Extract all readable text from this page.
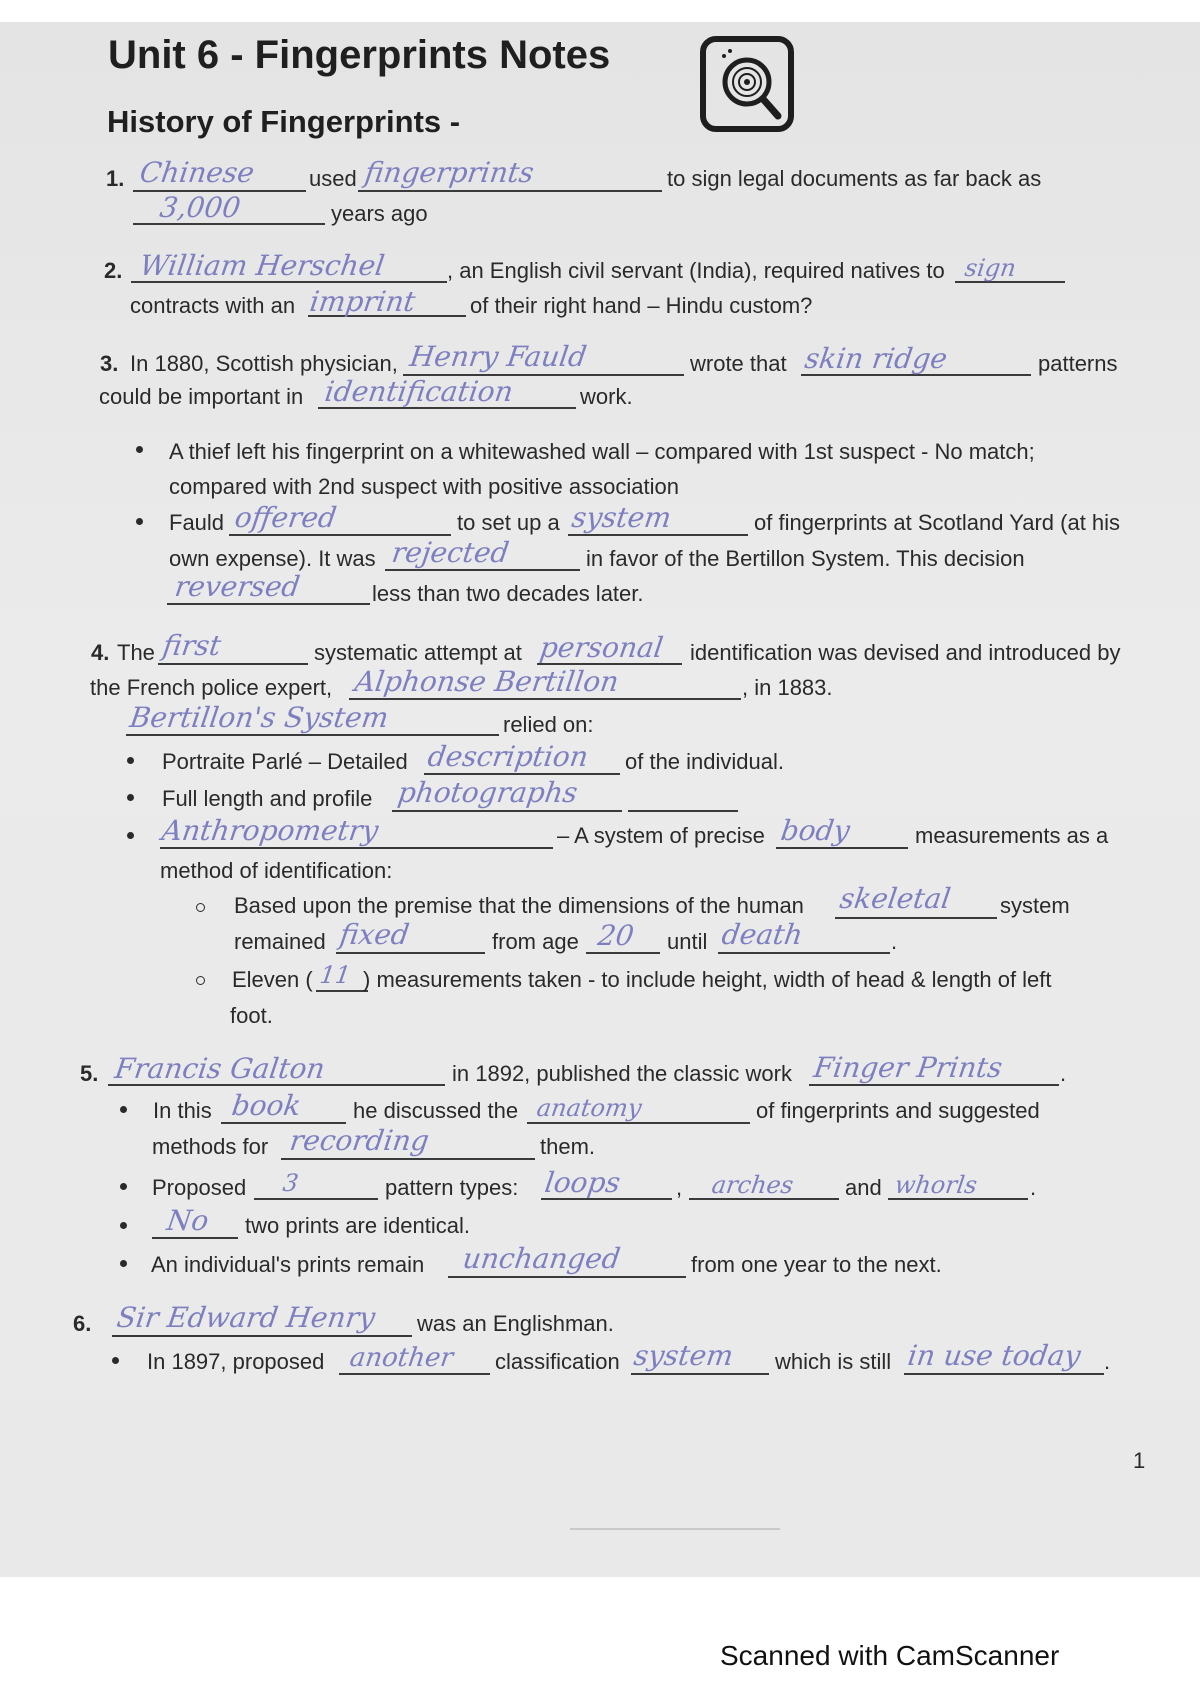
Unit 6 - Fingerprints Notes
History of Fingerprints -
1. Chinese used fingerprints	to sign legal documents as far back as
3,000	years ago
2. William Herschel	, an English civil servant (India), required natives to sign
contracts with an imprint of their right hand – Hindu custom?
3. In 1880, Scottish physician, Henry Fauld	wrote that skin ridge	patterns
could be important in identification	work.
A thief left his fingerprint on a whitewashed wall – compared with 1st suspect - No match;
compared with 2nd suspect with positive association
Fauld offered	to set up a system	of fingerprints at Scotland Yard (at his
own expense). It was rejected	in favor of the Bertillon System. This decision
reversed	less than two decades later.
4. The first	systematic attempt at personal identification was devised and introduced by
the French police expert, Alphonse Bertillon	, in 1883.
Bertillon's System	relied on:
Portraite Parlé – Detailed description of the individual.
Full length and profile photographs
Anthropometry	– A system of precise body	measurements as a
method of identification:
Based upon the premise that the dimensions of the human skeletal system
remained fixed	from age 20 until death	.
Eleven ( 11 ) measurements taken - to include height, width of head & length of left
foot.
5. Francis Galton	in 1892, published the classic work Finger Prints	.
In this book he discussed the anatomy	of fingerprints and suggested
methods for recording	them.
Proposed 3	pattern types: loops , arches and whorls .
No two prints are identical.
An individual's prints remain unchanged	from one year to the next.
6. Sir Edward Henry was an Englishman.
In 1897, proposed another classification system which is still in use today .
1
Scanned with CamScanner
